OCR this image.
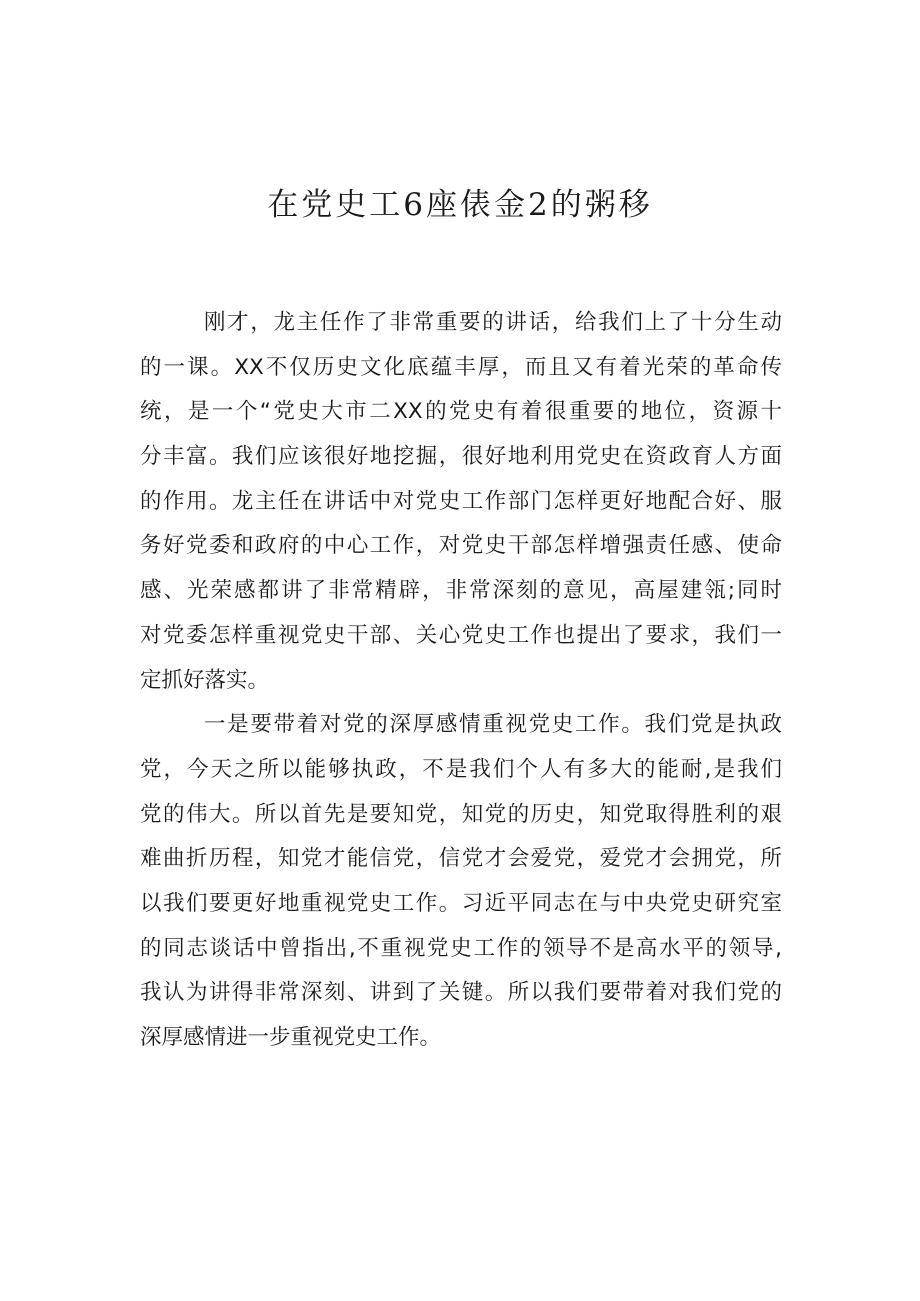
在党史工6座俵金2的粥移
刚才，龙主任作了非常重要的讲话，给我们上了十分生动
的一课。XX不仅历史文化底蕴丰厚，而且又有着光荣的革命传
统，是一个“党史大市二XX的党史有着很重要的地位，资源十
分丰富。我们应该很好地挖掘，很好地利用党史在资政育人方面
的作用。龙主任在讲话中对党史工作部门怎样更好地配合好、服
务好党委和政府的中心工作，对党史干部怎样增强责任感、使命
感、光荣感都讲了非常精辟，非常深刻的意见，高屋建瓴;同时
对党委怎样重视党史干部、关心党史工作也提出了要求，我们一
定抓好落实。
一是要带着对党的深厚感情重视党史工作。我们党是执政
党，今天之所以能够执政，不是我们个人有多大的能耐,是我们
党的伟大。所以首先是要知党，知党的历史，知党取得胜利的艰
难曲折历程，知党才能信党，信党才会爱党，爱党才会拥党，所
以我们要更好地重视党史工作。习近平同志在与中央党史研究室
的同志谈话中曾指出,不重视党史工作的领导不是高水平的领导,
我认为讲得非常深刻、讲到了关键。所以我们要带着对我们党的
深厚感情进一步重视党史工作。
